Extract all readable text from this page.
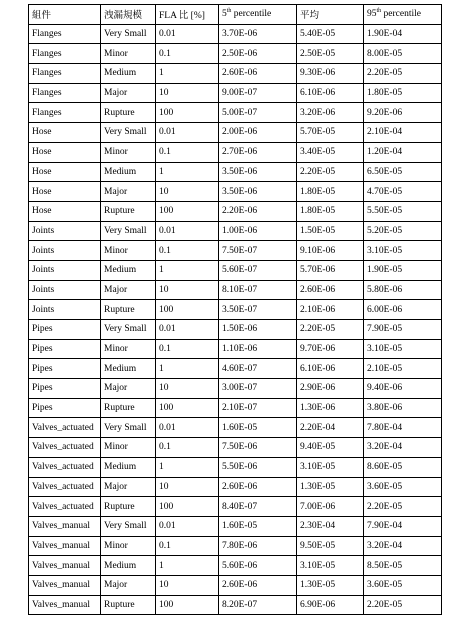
組件	洩漏規模	FLA 比 [%]	5th percentile	平均	95th percentile
Flanges	Very Small	0.01	3.70E-06	5.40E-05	1.90E-04
Flanges	Minor	0.1	2.50E-06	2.50E-05	8.00E-05
Flanges	Medium	1	2.60E-06	9.30E-06	2.20E-05
Flanges	Major	10	9.00E-07	6.10E-06	1.80E-05
Flanges	Rupture	100	5.00E-07	3.20E-06	9.20E-06
Hose	Very Small	0.01	2.00E-06	5.70E-05	2.10E-04
Hose	Minor	0.1	2.70E-06	3.40E-05	1.20E-04
Hose	Medium	1	3.50E-06	2.20E-05	6.50E-05
Hose	Major	10	3.50E-06	1.80E-05	4.70E-05
Hose	Rupture	100	2.20E-06	1.80E-05	5.50E-05
Joints	Very Small	0.01	1.00E-06	1.50E-05	5.20E-05
Joints	Minor	0.1	7.50E-07	9.10E-06	3.10E-05
Joints	Medium	1	5.60E-07	5.70E-06	1.90E-05
Joints	Major	10	8.10E-07	2.60E-06	5.80E-06
Joints	Rupture	100	3.50E-07	2.10E-06	6.00E-06
Pipes	Very Small	0.01	1.50E-06	2.20E-05	7.90E-05
Pipes	Minor	0.1	1.10E-06	9.70E-06	3.10E-05
Pipes	Medium	1	4.60E-07	6.10E-06	2.10E-05
Pipes	Major	10	3.00E-07	2.90E-06	9.40E-06
Pipes	Rupture	100	2.10E-07	1.30E-06	3.80E-06
Valves_actuated	Very Small	0.01	1.60E-05	2.20E-04	7.80E-04
Valves_actuated	Minor	0.1	7.50E-06	9.40E-05	3.20E-04
Valves_actuated	Medium	1	5.50E-06	3.10E-05	8.60E-05
Valves_actuated	Major	10	2.60E-06	1.30E-05	3.60E-05
Valves_actuated	Rupture	100	8.40E-07	7.00E-06	2.20E-05
Valves_manual	Very Small	0.01	1.60E-05	2.30E-04	7.90E-04
Valves_manual	Minor	0.1	7.80E-06	9.50E-05	3.20E-04
Valves_manual	Medium	1	5.60E-06	3.10E-05	8.50E-05
Valves_manual	Major	10	2.60E-06	1.30E-05	3.60E-05
Valves_manual	Rupture	100	8.20E-07	6.90E-06	2.20E-05
